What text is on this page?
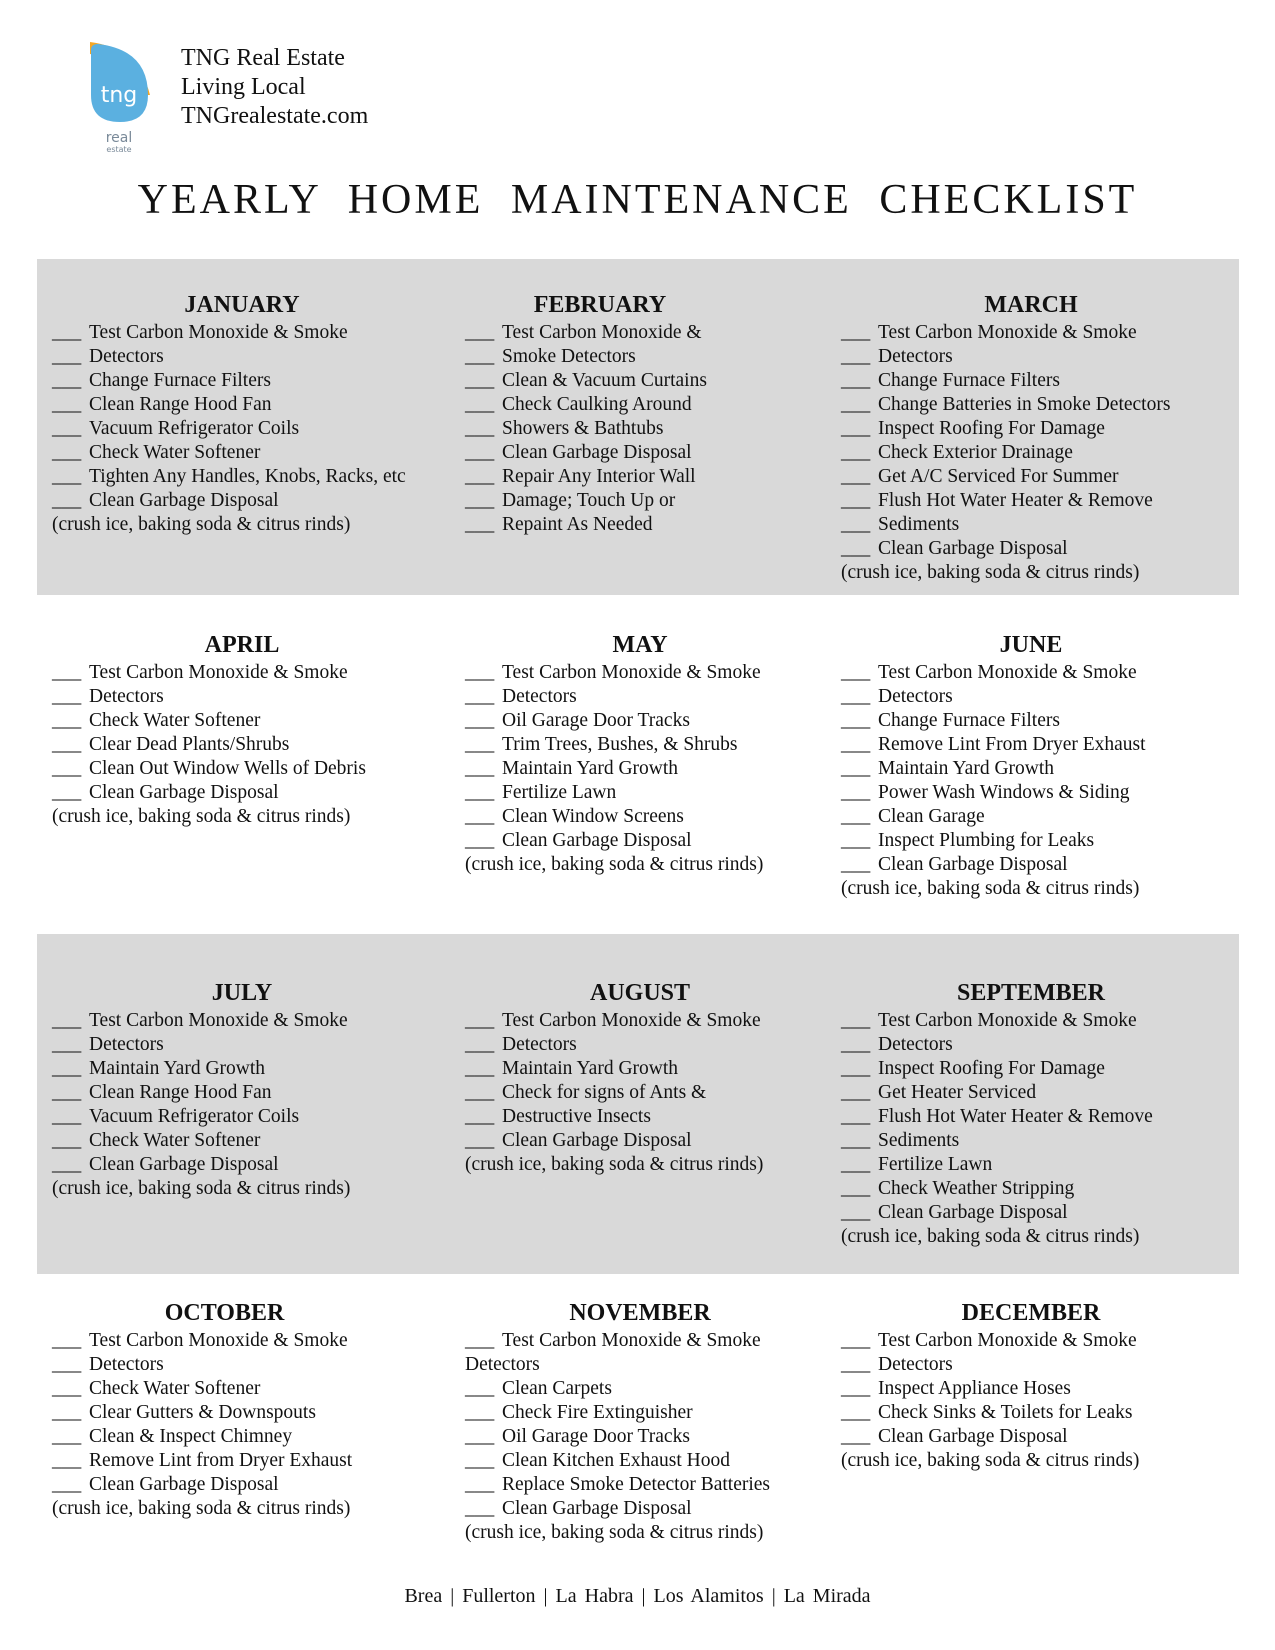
tng
real
estate
TNG Real Estate
Living Local
TNGrealestate.com
YEARLY HOME MAINTENANCE CHECKLIST
JANUARY
___ Test Carbon Monoxide & Smoke
___ Detectors
___ Change Furnace Filters
___ Clean Range Hood Fan
___ Vacuum Refrigerator Coils
___ Check Water Softener
___ Tighten Any Handles, Knobs, Racks, etc
___ Clean Garbage Disposal
(crush ice, baking soda & citrus rinds)
FEBRUARY
___ Test Carbon Monoxide &
___ Smoke Detectors
___ Clean & Vacuum Curtains
___ Check Caulking Around
___ Showers & Bathtubs
___ Clean Garbage Disposal
___ Repair Any Interior Wall
___ Damage; Touch Up or
___ Repaint As Needed
MARCH
___ Test Carbon Monoxide & Smoke
___ Detectors
___ Change Furnace Filters
___ Change Batteries in Smoke Detectors
___ Inspect Roofing For Damage
___ Check Exterior Drainage
___ Get A/C Serviced For Summer
___ Flush Hot Water Heater & Remove
___ Sediments
___ Clean Garbage Disposal
(crush ice, baking soda & citrus rinds)
APRIL
___ Test Carbon Monoxide & Smoke
___ Detectors
___ Check Water Softener
___ Clear Dead Plants/Shrubs
___ Clean Out Window Wells of Debris
___ Clean Garbage Disposal
(crush ice, baking soda & citrus rinds)
MAY
___ Test Carbon Monoxide & Smoke
___ Detectors
___ Oil Garage Door Tracks
___ Trim Trees, Bushes, & Shrubs
___ Maintain Yard Growth
___ Fertilize Lawn
___ Clean Window Screens
___ Clean Garbage Disposal
(crush ice, baking soda & citrus rinds)
JUNE
___ Test Carbon Monoxide & Smoke
___ Detectors
___ Change Furnace Filters
___ Remove Lint From Dryer Exhaust
___ Maintain Yard Growth
___ Power Wash Windows & Siding
___ Clean Garage
___ Inspect Plumbing for Leaks
___ Clean Garbage Disposal
(crush ice, baking soda & citrus rinds)
JULY
___ Test Carbon Monoxide & Smoke
___ Detectors
___ Maintain Yard Growth
___ Clean Range Hood Fan
___ Vacuum Refrigerator Coils
___ Check Water Softener
___ Clean Garbage Disposal
(crush ice, baking soda & citrus rinds)
AUGUST
___ Test Carbon Monoxide & Smoke
___ Detectors
___ Maintain Yard Growth
___ Check for signs of Ants &
___ Destructive Insects
___ Clean Garbage Disposal
(crush ice, baking soda & citrus rinds)
SEPTEMBER
___ Test Carbon Monoxide & Smoke
___ Detectors
___ Inspect Roofing For Damage
___ Get Heater Serviced
___ Flush Hot Water Heater & Remove
___ Sediments
___ Fertilize Lawn
___ Check Weather Stripping
___ Clean Garbage Disposal
(crush ice, baking soda & citrus rinds)
OCTOBER
___ Test Carbon Monoxide & Smoke
___ Detectors
___ Check Water Softener
___ Clear Gutters & Downspouts
___ Clean & Inspect Chimney
___ Remove Lint from Dryer Exhaust
___ Clean Garbage Disposal
(crush ice, baking soda & citrus rinds)
NOVEMBER
___ Test Carbon Monoxide & Smoke
Detectors
___ Clean Carpets
___ Check Fire Extinguisher
___ Oil Garage Door Tracks
___ Clean Kitchen Exhaust Hood
___ Replace Smoke Detector Batteries
___ Clean Garbage Disposal
(crush ice, baking soda & citrus rinds)
DECEMBER
___ Test Carbon Monoxide & Smoke
___ Detectors
___ Inspect Appliance Hoses
___ Check Sinks & Toilets for Leaks
___ Clean Garbage Disposal
(crush ice, baking soda & citrus rinds)
Brea | Fullerton | La Habra | Los Alamitos | La Mirada
